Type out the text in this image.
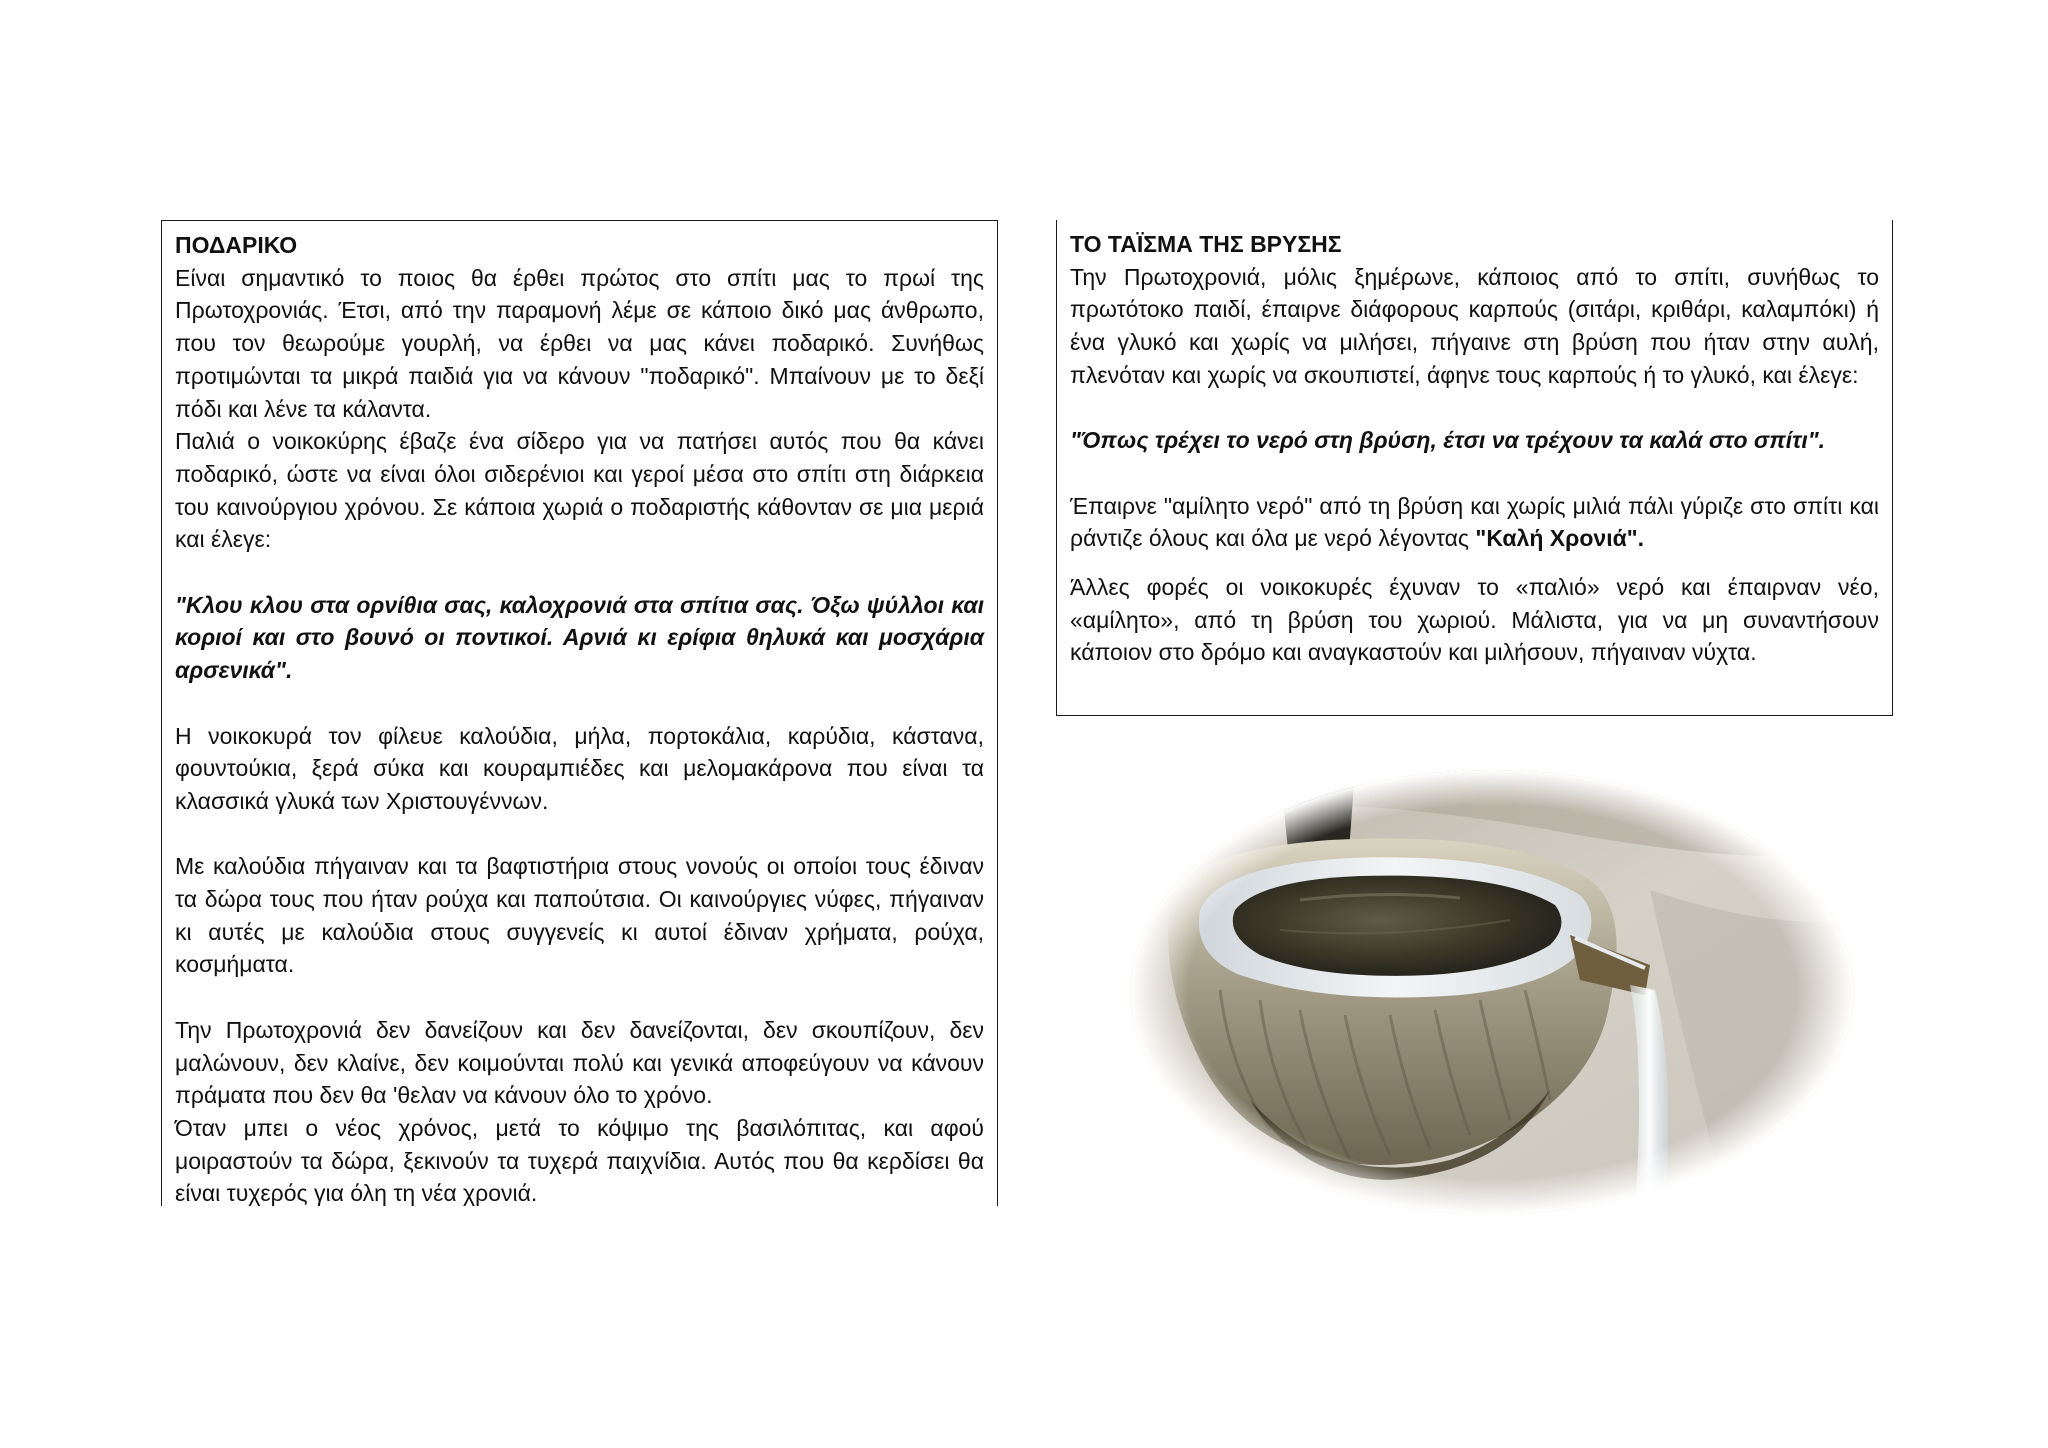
ΠΟΔΑΡΙΚΟ

Είναι σημαντικό το ποιος θα έρθει πρώτος στο σπίτι μας το πρωί της Πρωτοχρονιάς. Έτσι, από την παραμονή λέμε σε κάποιο δικό μας άνθρωπο, που τον θεωρούμε γουρλή, να έρθει να μας κάνει ποδαρικό. Συνήθως προτιμώνται τα μικρά παιδιά για να κάνουν "ποδαρικό". Μπαίνουν με το δεξί πόδι και λένε τα κάλαντα.

Παλιά ο νοικοκύρης έβαζε ένα σίδερο για να πατήσει αυτός που θα κάνει ποδαρικό, ώστε να είναι όλοι σιδερένιοι και γεροί μέσα στο σπίτι στη διάρκεια του καινούργιου χρόνου. Σε κάποια χωριά ο ποδαριστής κάθονταν σε μια μεριά και έλεγε:

"Κλου κλου στα ορνίθια σας, καλοχρονιά στα σπίτια σας. Όξω ψύλλοι και κοριοί και στο βουνό οι ποντικοί. Αρνιά κι ερίφια θηλυκά και μοσχάρια αρσενικά".

Η νοικοκυρά τον φίλευε καλούδια, μήλα, πορτοκάλια, καρύδια, κάστανα, φουντούκια, ξερά σύκα και κουραμπιέδες και μελομακάρονα που είναι τα κλασσικά γλυκά των Χριστουγέννων.

Με καλούδια πήγαιναν και τα βαφτιστήρια στους νονούς οι οποίοι τους έδιναν τα δώρα τους που ήταν ρούχα και παπούτσια. Οι καινούργιες νύφες, πήγαιναν κι αυτές με καλούδια στους συγγενείς κι αυτοί έδιναν χρήματα, ρούχα, κοσμήματα.

Την Πρωτοχρονιά δεν δανείζουν και δεν δανείζονται, δεν σκουπίζουν, δεν μαλώνουν, δεν κλαίνε, δεν κοιμούνται πολύ και γενικά αποφεύγουν να κάνουν πράματα που δεν θα 'θελαν να κάνουν όλο το χρόνο.

Όταν μπει ο νέος χρόνος, μετά το κόψιμο της βασιλόπιτας, και αφού μοιραστούν τα δώρα, ξεκινούν τα τυχερά παιχνίδια. Αυτός που θα κερδίσει θα είναι τυχερός για όλη τη νέα χρονιά.

ΤΟ ΤΑΪΣΜΑ ΤΗΣ ΒΡΥΣΗΣ

Την Πρωτοχρονιά, μόλις ξημέρωνε, κάποιος από το σπίτι, συνήθως το πρωτότοκο παιδί, έπαιρνε διάφορους καρπούς (σιτάρι, κριθάρι, καλαμπόκι) ή ένα γλυκό και χωρίς να μιλήσει, πήγαινε στη βρύση που ήταν στην αυλή, πλενόταν και χωρίς να σκουπιστεί, άφηνε τους καρπούς ή το γλυκό, και έλεγε:

"Όπως τρέχει το νερό στη βρύση, έτσι να τρέχουν τα καλά στο σπίτι".

Έπαιρνε "αμίλητο νερό" από τη βρύση και χωρίς μιλιά πάλι γύριζε στο σπίτι και ράντιζε όλους και όλα με νερό λέγοντας "Καλή Χρονιά".

Άλλες φορές οι νοικοκυρές έχυναν το «παλιό» νερό και έπαιρναν νέο, «αμίλητο», από τη βρύση του χωριού. Μάλιστα, για να μη συναντήσουν κάποιον στο δρόμο και αναγκαστούν και μιλήσουν, πήγαιναν νύχτα.
